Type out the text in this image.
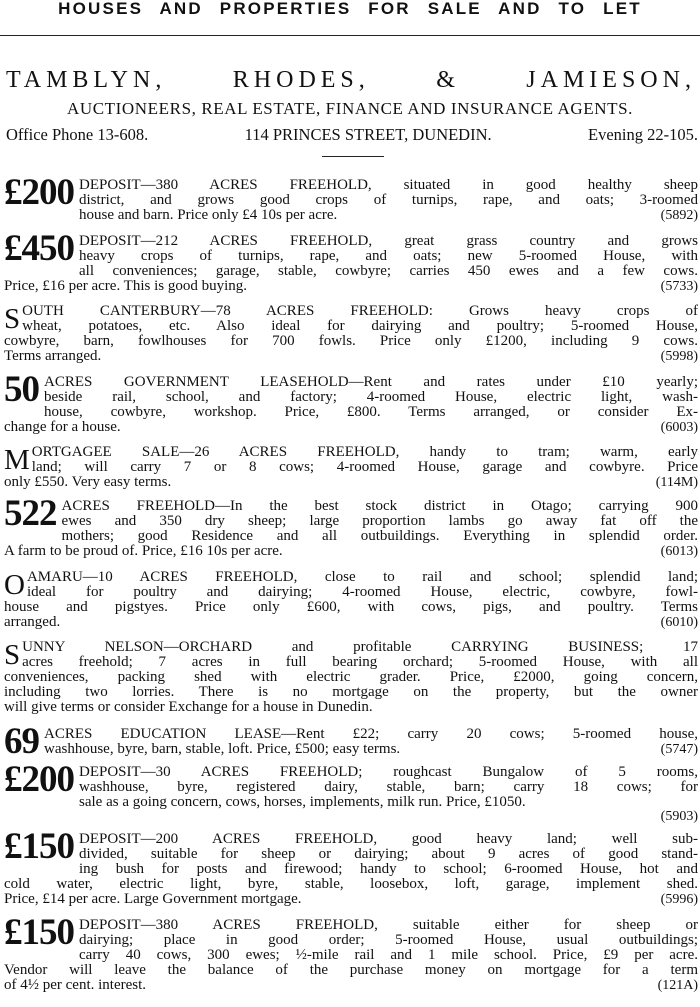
HOUSES AND PROPERTIES FOR SALE AND TO LET
TAMBLYN,	RHODES,	&	JAMIESON,
AUCTIONEERS, REAL ESTATE, FINANCE AND INSURANCE AGENTS.
Office Phone 13-608.	114 PRINCES STREET, DUNEDIN.	Evening 22-105.
£200 DEPOSIT—380 ACRES FREEHOLD, situated in good healthy sheep
district, and grows good crops of turnips, rape, and oats; 3-roomed
(5892)
house and barn. Price only £4 10s per acre.
£450 DEPOSIT—212 ACRES FREEHOLD, great grass country and grows
heavy crops of turnips, rape, and oats; new 5-roomed House, with
all conveniences; garage, stable, cowbyre; carries 450 ewes and a few cows.
(5733)
Price, £16 per acre. This is good buying.
S OUTH CANTERBURY—78 ACRES FREEHOLD: Grows heavy crops of
wheat, potatoes, etc. Also ideal for dairying and poultry; 5-roomed House,
cowbyre, barn, fowlhouses for 700 fowls. Price only £1200, including 9 cows.
(5998)
Terms arranged.
50 ACRES GOVERNMENT LEASEHOLD—Rent and rates under £10 yearly;
beside rail, school, and factory; 4-roomed House, electric light, wash-
house, cowbyre, workshop. Price, £800. Terms arranged, or consider Ex-
(6003)
change for a house.
M ORTGAGEE SALE—26 ACRES FREEHOLD, handy to tram; warm, early
land; will carry 7 or 8 cows; 4-roomed House, garage and cowbyre. Price
(114M)
only £550. Very easy terms.
522 ACRES FREEHOLD—In the best stock district in Otago; carrying 900
ewes and 350 dry sheep; large proportion lambs go away fat off the
mothers; good Residence and all outbuildings. Everything in splendid order.
(6013)
A farm to be proud of. Price, £16 10s per acre.
O AMARU—10 ACRES FREEHOLD, close to rail and school; splendid land;
ideal for poultry and dairying; 4-roomed House, electric, cowbyre, fowl-
house and pigstyes. Price only £600, with cows, pigs, and poultry. Terms
(6010)
arranged.
S UNNY NELSON—ORCHARD and profitable CARRYING BUSINESS; 17
acres freehold; 7 acres in full bearing orchard; 5-roomed House, with all
conveniences, packing shed with electric grader. Price, £2000, going concern,
including two lorries. There is no mortgage on the property, but the owner
will give terms or consider Exchange for a house in Dunedin.
69 ACRES EDUCATION LEASE—Rent £22; carry 20 cows; 5-roomed house,
(5747)
washhouse, byre, barn, stable, loft. Price, £500; easy terms.
£200 DEPOSIT—30 ACRES FREEHOLD; roughcast Bungalow of 5 rooms,
washhouse, byre, registered dairy, stable, barn; carry 18 cows; for
sale as a going concern, cows, horses, implements, milk run. Price, £1050.
(5903)
£150 DEPOSIT—200 ACRES FREEHOLD, good heavy land; well sub-
divided, suitable for sheep or dairying; about 9 acres of good stand-
ing bush for posts and firewood; handy to school; 6-roomed House, hot and
cold water, electric light, byre, stable, loosebox, loft, garage, implement shed.
(5996)
Price, £14 per acre. Large Government mortgage.
£150 DEPOSIT—380 ACRES FREEHOLD, suitable either for sheep or
dairying; place in good order; 5-roomed House, usual outbuildings;
carry 40 cows, 300 ewes; ½-mile rail and 1 mile school. Price, £9 per acre.
Vendor will leave the balance of the purchase money on mortgage for a term
(121A)
of 4½ per cent. interest.
